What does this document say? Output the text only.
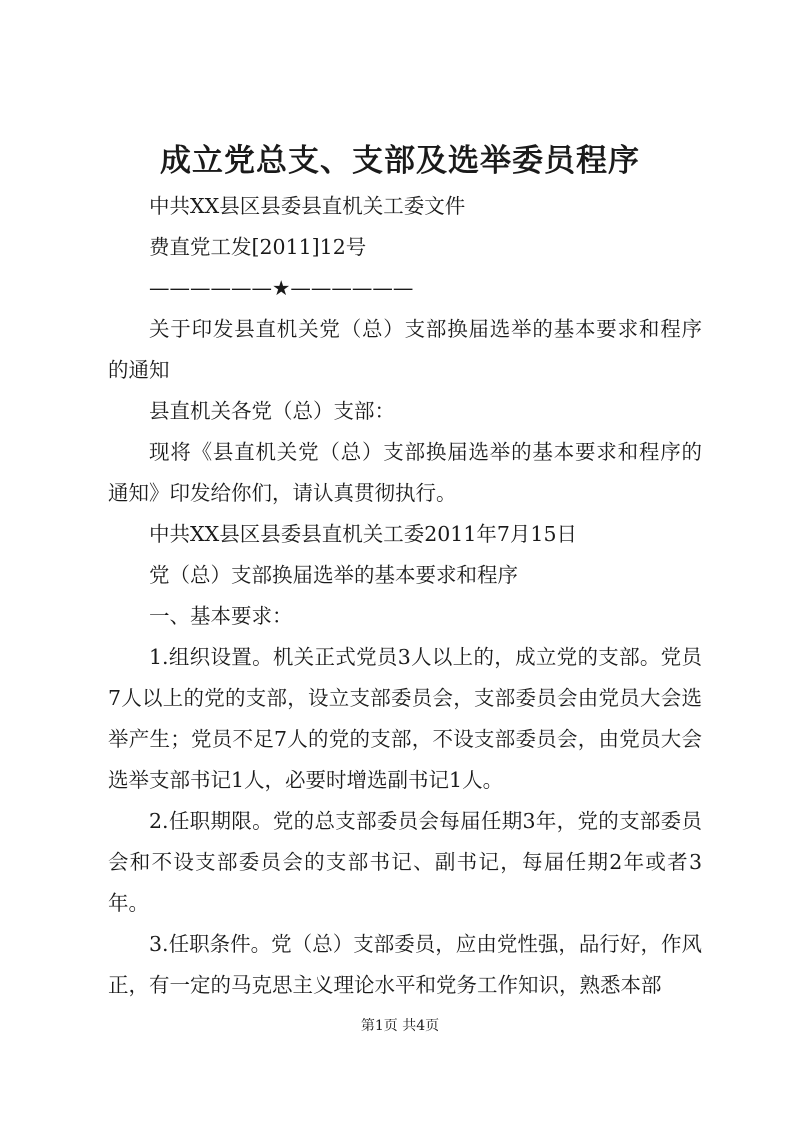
成立党总支、支部及选举委员程序

中共XX县区县委县直机关工委文件

费直党工发[2011]12号

——————★——————

关于印发县直机关党（总）支部换届选举的基本要求和程序的通知

县直机关各党（总）支部：

现将《县直机关党（总）支部换届选举的基本要求和程序的通知》印发给你们，请认真贯彻执行。

中共XX县区县委县直机关工委2011年7月15日

党（总）支部换届选举的基本要求和程序

一、基本要求：

1.组织设置。机关正式党员3人以上的，成立党的支部。党员7人以上的党的支部，设立支部委员会，支部委员会由党员大会选举产生；党员不足7人的党的支部，不设支部委员会，由党员大会选举支部书记1人，必要时增选副书记1人。

2.任职期限。党的总支部委员会每届任期3年，党的支部委员会和不设支部委员会的支部书记、副书记，每届任期2年或者3年。

3.任职条件。党（总）支部委员，应由党性强，品行好，作风正，有一定的马克思主义理论水平和党务工作知识，熟悉本部

第1页 共4页
